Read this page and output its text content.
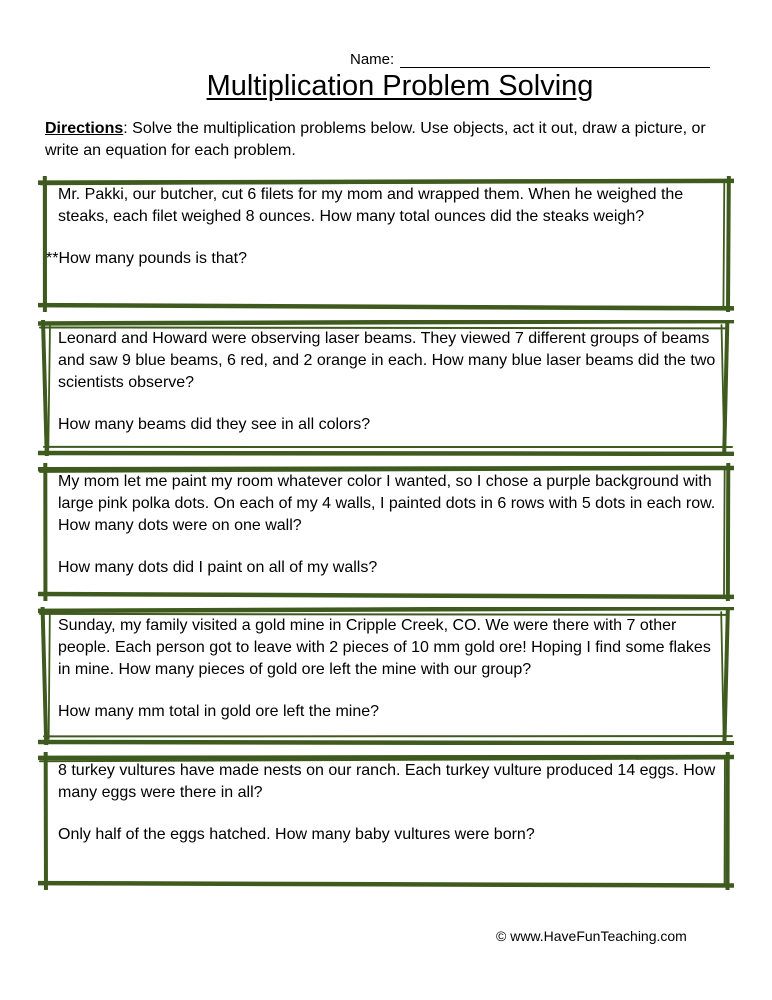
Name:
Multiplication Problem Solving
Directions: Solve the multiplication problems below. Use objects, act it out, draw a picture, or write an equation for each problem.

Mr. Pakki, our butcher, cut 6 filets for my mom and wrapped them. When he weighed the steaks, each filet weighed 8 ounces. How many total ounces did the steaks weigh?

**How many pounds is that?

Leonard and Howard were observing laser beams. They viewed 7 different groups of beams and saw 9 blue beams, 6 red, and 2 orange in each. How many blue laser beams did the two scientists observe?

How many beams did they see in all colors?

My mom let me paint my room whatever color I wanted, so I chose a purple background with large pink polka dots. On each of my 4 walls, I painted dots in 6 rows with 5 dots in each row. How many dots were on one wall?

How many dots did I paint on all of my walls?

Sunday, my family visited a gold mine in Cripple Creek, CO. We were there with 7 other people. Each person got to leave with 2 pieces of 10 mm gold ore! Hoping I find some flakes in mine. How many pieces of gold ore left the mine with our group?

How many mm total in gold ore left the mine?

8 turkey vultures have made nests on our ranch. Each turkey vulture produced 14 eggs. How many eggs were there in all?

Only half of the eggs hatched. How many baby vultures were born?

© www.HaveFunTeaching.com
